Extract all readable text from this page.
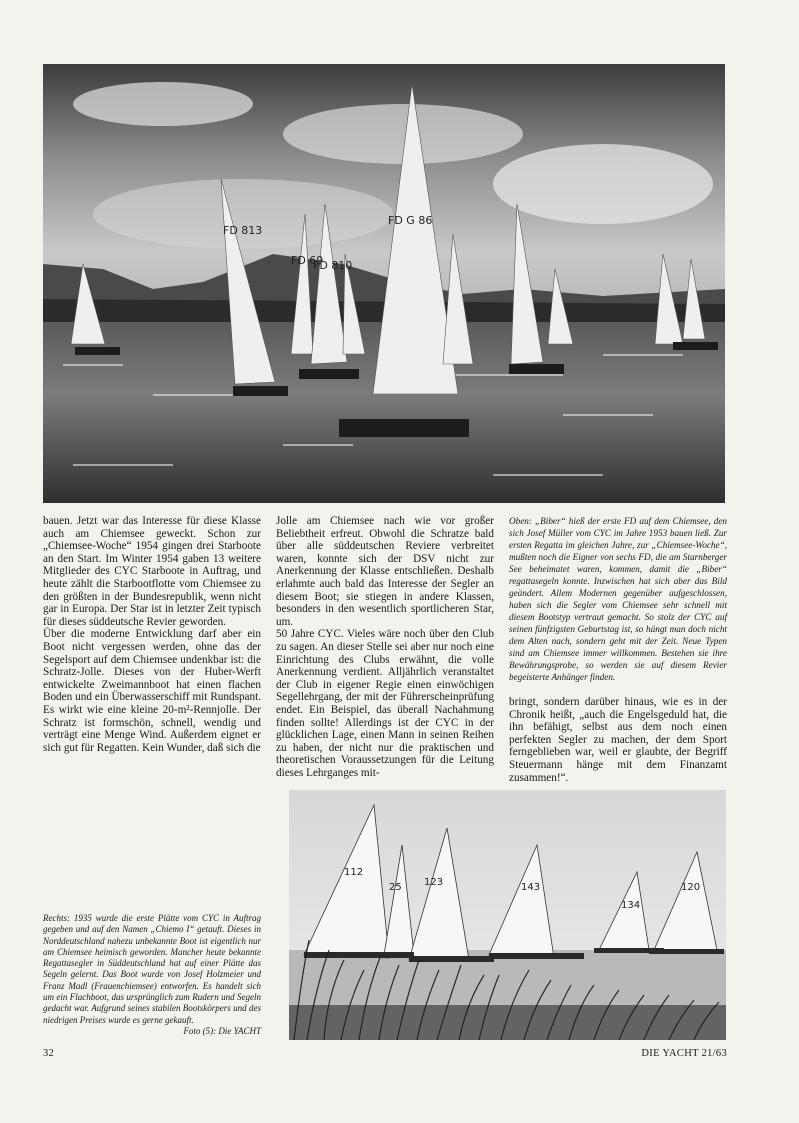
FD 813
FD 69
FD 810
FD G 86

bauen. Jetzt war das Interesse für diese Klasse auch am Chiemsee geweckt. Schon zur „Chiemsee-Woche“ 1954 gingen drei Starboote an den Start. Im Winter 1954 gaben 13 weitere Mitglieder des CYC Starboote in Auftrag, und heute zählt die Starbootflotte vom Chiemsee zu den größten in der Bundesrepublik, wenn nicht gar in Europa. Der Star ist in letzter Zeit typisch für dieses süddeutsche Revier geworden.

Über die moderne Entwicklung darf aber ein Boot nicht vergessen werden, ohne das der Segelsport auf dem Chiemsee undenkbar ist: die Schratz-Jolle. Dieses von der Huber-Werft entwickelte Zweimannboot hat einen flachen Boden und ein Überwasserschiff mit Rundspant. Es wirkt wie eine kleine 20-m²-Rennjolle. Der Schratz ist formschön, schnell, wendig und verträgt eine Menge Wind. Außerdem eignet er sich gut für Regatten. Kein Wunder, daß sich die

Jolle am Chiemsee nach wie vor großer Beliebtheit erfreut. Obwohl die Schratze bald über alle süddeutschen Reviere verbreitet waren, konnte sich der DSV nicht zur Anerkennung der Klasse entschließen. Deshalb erlahmte auch bald das Interesse der Segler an diesem Boot; sie stiegen in andere Klassen, besonders in den wesentlich sportlicheren Star, um.

50 Jahre CYC. Vieles wäre noch über den Club zu sagen. An dieser Stelle sei aber nur noch eine Einrichtung des Clubs erwähnt, die volle Anerkennung verdient. Alljährlich veranstaltet der Club in eigener Regie einen einwöchigen Segellehrgang, der mit der Führerscheinprüfung endet. Ein Beispiel, das überall Nachahmung finden sollte! Allerdings ist der CYC in der glücklichen Lage, einen Mann in seinen Reihen zu haben, der nicht nur die praktischen und theoretischen Voraussetzungen für die Leitung dieses Lehrganges mit-

Oben: „Biber“ hieß der erste FD auf dem Chiemsee, den sich Josef Müller vom CYC im Jahre 1953 bauen ließ. Zur ersten Regatta im gleichen Jahre, zur „Chiemsee-Woche“, mußten noch die Eigner von sechs FD, die am Starnberger See beheimatet waren, kommen, damit die „Biber“ regattasegeln konnte. Inzwischen hat sich aber das Bild geändert. Allem Modernen gegenüber aufgeschlossen, haben sich die Segler vom Chiemsee sehr schnell mit diesem Bootstyp vertraut gemacht. So stolz der CYC auf seinen fünfzigsten Geburtstag ist, so hängt man doch nicht dem Alten nach, sondern geht mit der Zeit. Neue Typen sind am Chiemsee immer willkommen. Bestehen sie ihre Bewährungsprobe, so werden sie auf diesem Revier begeisterte Anhänger finden.

bringt, sondern darüber hinaus, wie es in der Chronik heißt, „auch die Engelsgeduld hat, die ihn befähigt, selbst aus dem noch einen perfekten Segler zu machen, der dem Sport ferngeblieben war, weil er glaubte, der Begriff Steuermann hänge mit dem Finanzamt zusammen!“.

112
25 123	143
134
120
Rechts: 1935 wurde die erste Plätte vom CYC in Auftrag gegeben und auf den Namen „Chiemo I“ getauft. Dieses in Norddeutschland nahezu unbekannte Boot ist eigentlich nur am Chiemsee heimisch geworden. Mancher heute bekannte Regattasegler in Süddeutschland hat auf einer Plätte das Segeln gelernt. Das Boot wurde von Josef Holzmeier und Franz Madl (Frauenchiemsee) entworfen. Es handelt sich um ein Flachboot, das ursprünglich zum Rudern und Segeln gedacht war. Aufgrund seines stabilen Bootskörpers und des niedrigen Preises wurde es gerne gekauft.
Foto (5): Die YACHT
32	DIE YACHT 21/63
